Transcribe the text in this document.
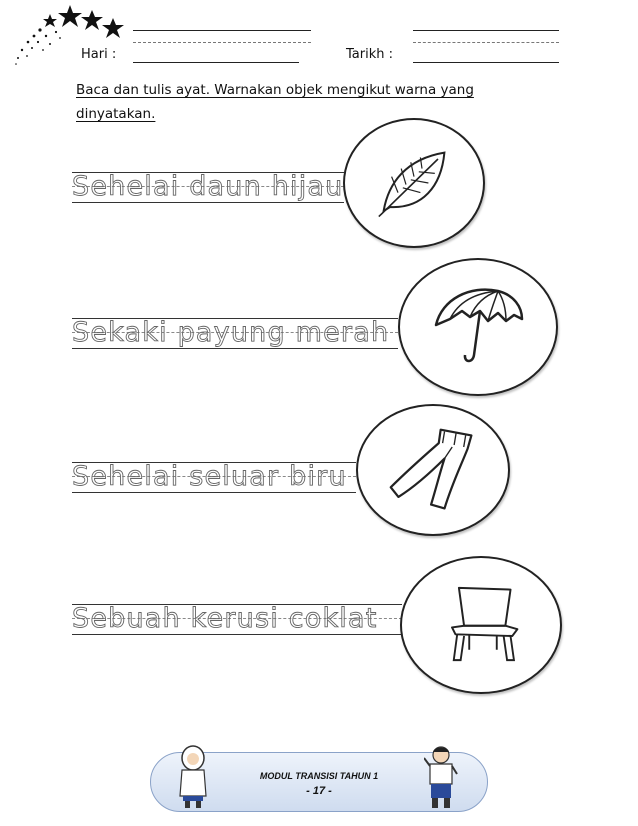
Hari :	Tarikh :
Baca dan tulis ayat. Warnakan objek mengikut warna yang dinyatakan.
Sehelai daun hijau
Sekaki payung merah
Sehelai seluar biru
Sebuah kerusi coklat
MODUL TRANSISI TAHUN 1
- 17 -
